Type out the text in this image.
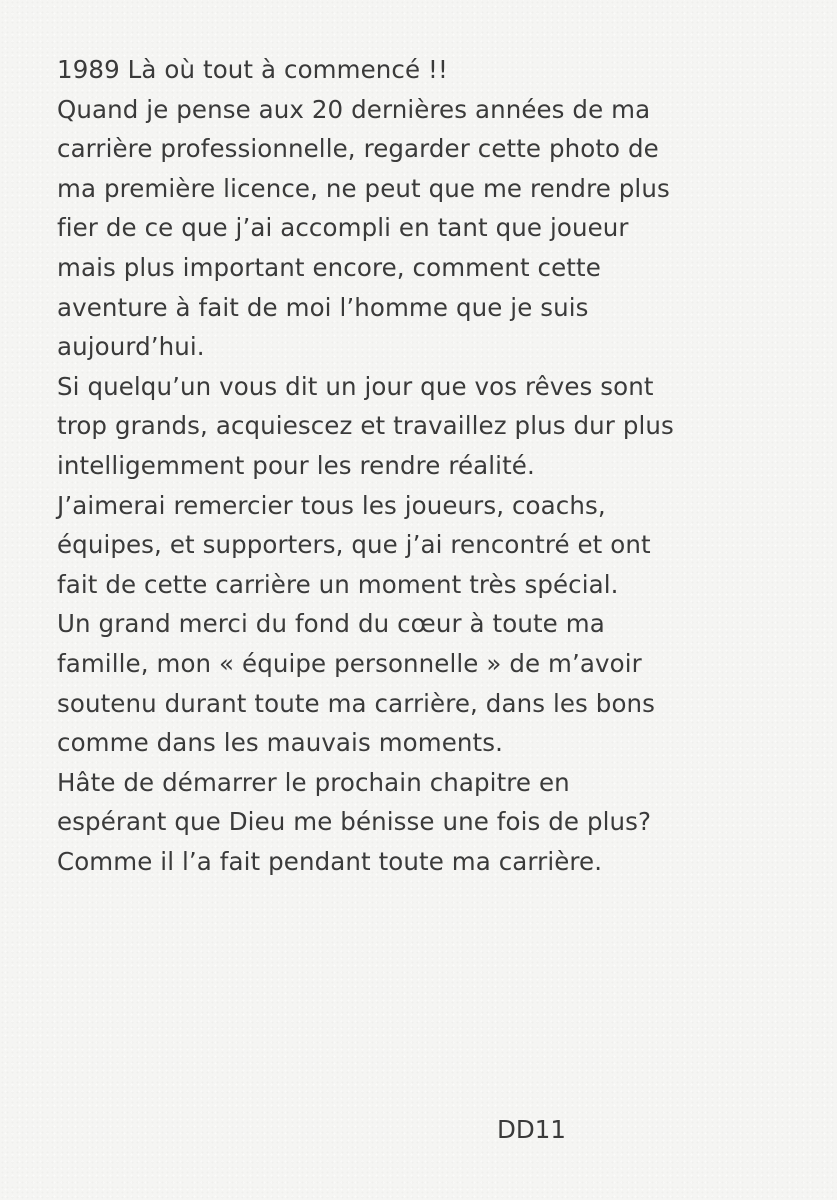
1989 Là où tout à commencé !!
Quand je pense aux 20 dernières années de ma
carrière professionnelle, regarder cette photo de
ma première licence, ne peut que me rendre plus
fier de ce que j’ai accompli en tant que joueur
mais plus important encore, comment cette
aventure à fait de moi l’homme que je suis
aujourd’hui.
Si quelqu’un vous dit un jour que vos rêves sont
trop grands, acquiescez et travaillez plus dur plus
intelligemment pour les rendre réalité.
J’aimerai remercier tous les joueurs, coachs,
équipes, et supporters, que j’ai rencontré et ont
fait de cette carrière un moment très spécial.
Un grand merci du fond du cœur à toute ma
famille, mon « équipe personnelle » de m’avoir
soutenu durant toute ma carrière, dans les bons
comme dans les mauvais moments.
Hâte de démarrer le prochain chapitre en
espérant que Dieu me bénisse une fois de plus?
Comme il l’a fait pendant toute ma carrière.
DD11
